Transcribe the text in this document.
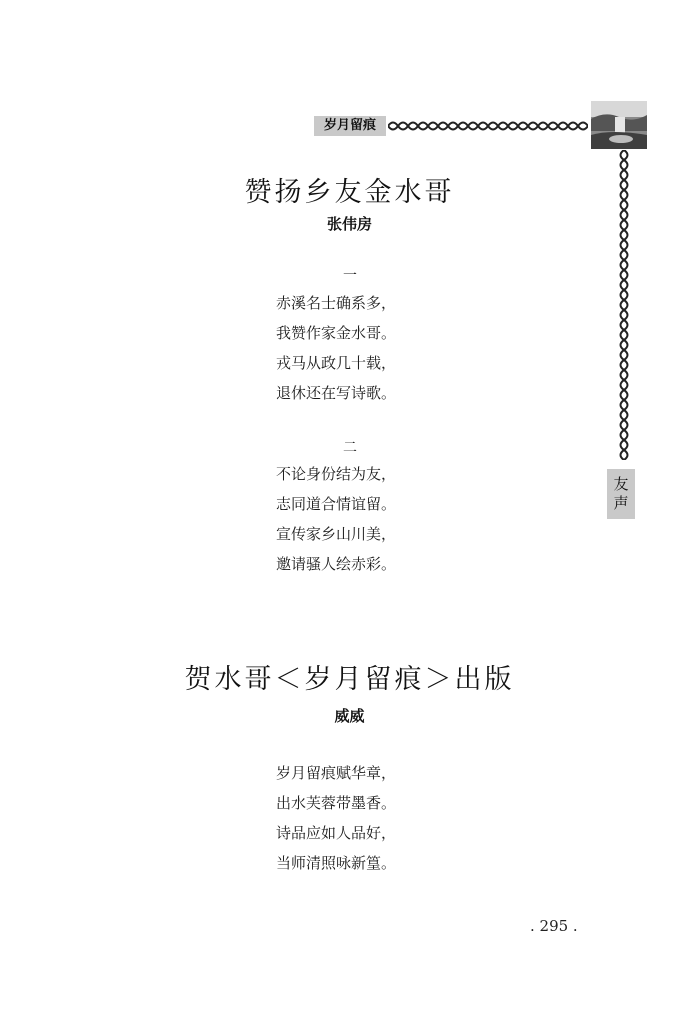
岁月留痕
友
声
赞扬乡友金水哥
张伟房
一
赤溪名士确系多，
我赞作家金水哥。
戎马从政几十载，
退休还在写诗歌。
二
不论身份结为友，
志同道合情谊留。
宣传家乡山川美，
邀请骚人绘赤彩。
贺水哥＜岁月留痕＞出版
威威
岁月留痕赋华章，
出水芙蓉带墨香。
诗品应如人品好，
当师清照咏新篁。
. 295 .
